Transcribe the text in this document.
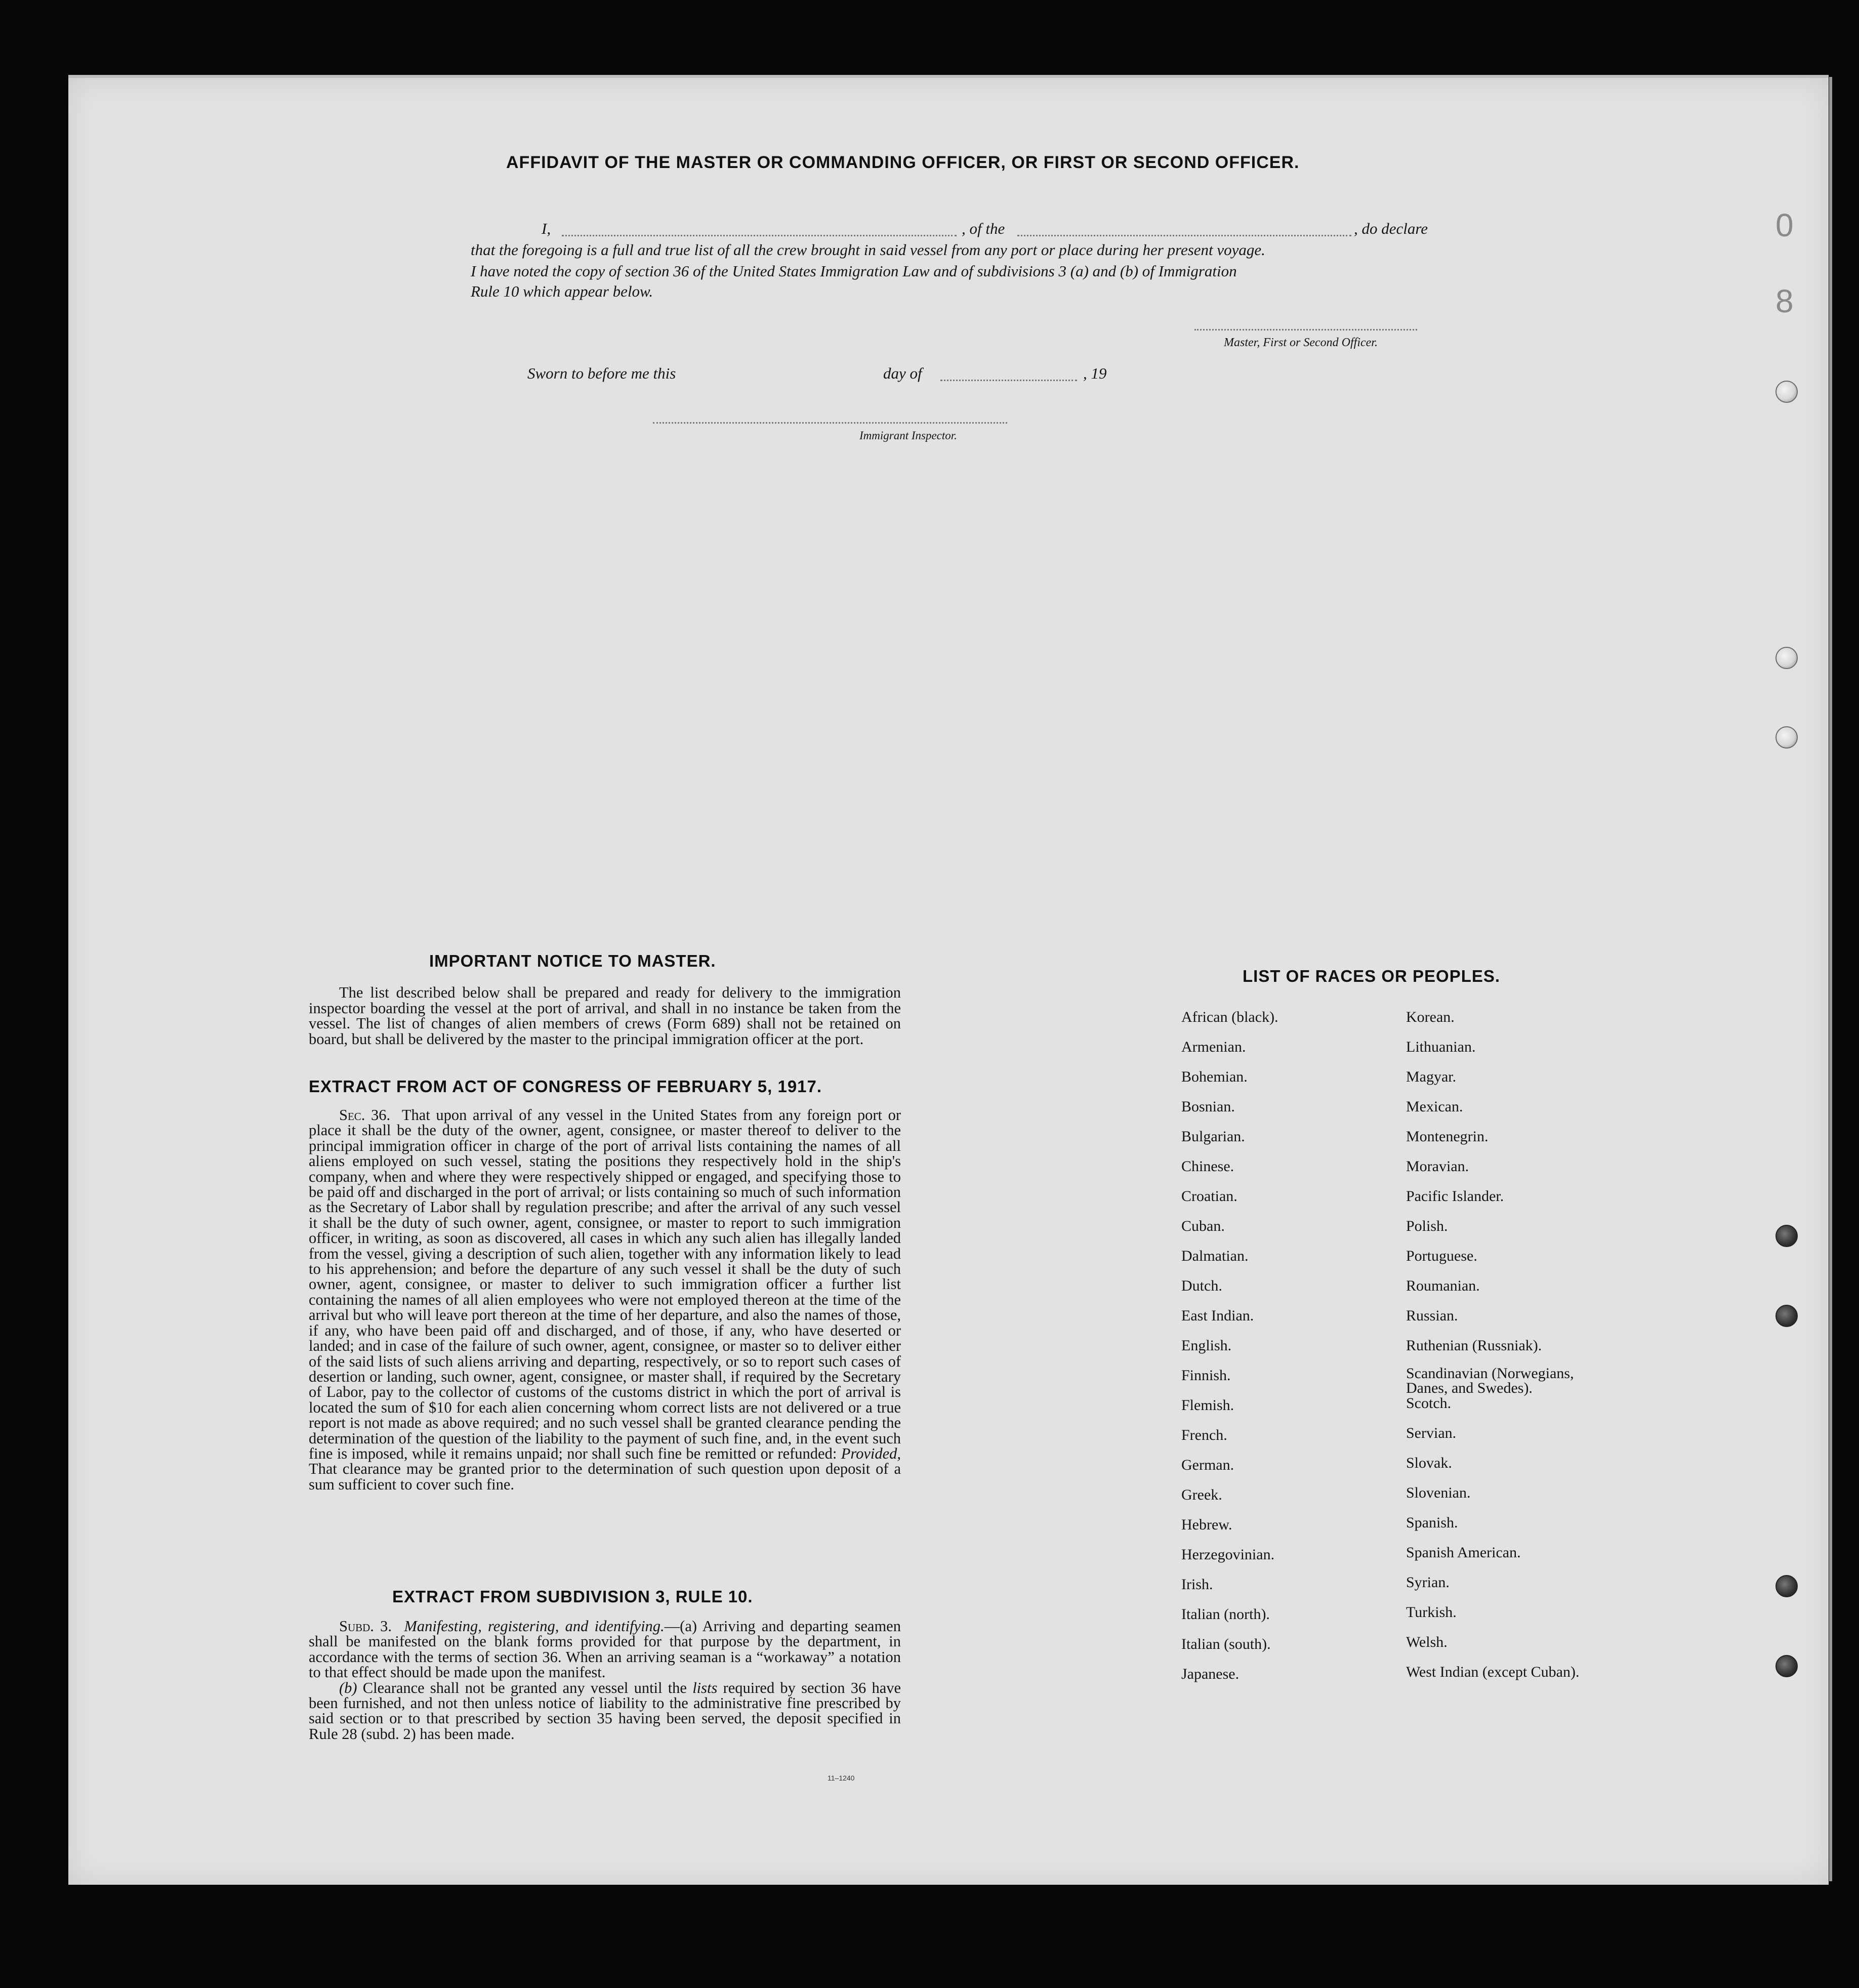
AFFIDAVIT OF THE MASTER OR COMMANDING OFFICER, OR FIRST OR SECOND OFFICER.
I,	, of the	, do declare
that the foregoing is a full and true list of all the crew brought in said vessel from any port or place during her present voyage.
I have noted the copy of section 36 of the United States Immigration Law and of subdivisions 3 (a) and (b) of Immigration
Rule 10 which appear below.
Master, First or Second Officer.
Sworn to before me this	day of	, 19
Immigrant Inspector.
IMPORTANT NOTICE TO MASTER.

The list described below shall be prepared and ready for delivery to the immigration inspector boarding the vessel at the port of arrival, and shall in no instance be taken from the vessel. The list of changes of alien members of crews (Form 689) shall not be retained on board, but shall be delivered by the master to the principal immigration officer at the port.

EXTRACT FROM ACT OF CONGRESS OF FEBRUARY 5, 1917.

Sec. 36. That upon arrival of any vessel in the United States from any foreign port or place it shall be the duty of the owner, agent, consignee, or master thereof to deliver to the principal immigration officer in charge of the port of arrival lists containing the names of all aliens employed on such vessel, stating the positions they respectively hold in the ship's company, when and where they were respectively shipped or engaged, and specifying those to be paid off and discharged in the port of arrival; or lists containing so much of such information as the Secretary of Labor shall by regulation prescribe; and after the arrival of any such vessel it shall be the duty of such owner, agent, consignee, or master to report to such immigration officer, in writing, as soon as discovered, all cases in which any such alien has illegally landed from the vessel, giving a description of such alien, together with any information likely to lead to his apprehension; and before the departure of any such vessel it shall be the duty of such owner, agent, consignee, or master to deliver to such immigration officer a further list containing the names of all alien employees who were not employed thereon at the time of the arrival but who will leave port thereon at the time of her departure, and also the names of those, if any, who have been paid off and discharged, and of those, if any, who have deserted or landed; and in case of the failure of such owner, agent, consignee, or master so to deliver either of the said lists of such aliens arriving and departing, respectively, or so to report such cases of desertion or landing, such owner, agent, consignee, or master shall, if required by the Secretary of Labor, pay to the collector of customs of the customs district in which the port of arrival is located the sum of $10 for each alien concerning whom correct lists are not delivered or a true report is not made as above required; and no such vessel shall be granted clearance pending the determination of the question of the liability to the payment of such fine, and, in the event such fine is imposed, while it remains unpaid; nor shall such fine be remitted or refunded: Provided, That clearance may be granted prior to the determination of such question upon deposit of a sum sufficient to cover such fine.

EXTRACT FROM SUBDIVISION 3, RULE 10.

Subd. 3. Manifesting, registering, and identifying.—(a) Arriving and departing seamen shall be manifested on the blank forms provided for that purpose by the department, in accordance with the terms of section 36. When an arriving seaman is a “workaway” a notation to that effect should be made upon the manifest.

(b) Clearance shall not be granted any vessel until the lists required by section 36 have been furnished, and not then unless notice of liability to the administrative fine prescribed by said section or to that prescribed by section 35 having been served, the deposit specified in Rule 28 (subd. 2) has been made.

11–1240
LIST OF RACES OR PEOPLES.
African (black).
Armenian.
Bohemian.
Bosnian.
Bulgarian.
Chinese.
Croatian.
Cuban.
Dalmatian.
Dutch.
East Indian.
English.
Finnish.
Flemish.
French.
German.
Greek.
Hebrew.
Herzegovinian.
Irish.
Italian (north).
Italian (south).
Japanese.
Korean.
Lithuanian.
Magyar.
Mexican.
Montenegrin.
Moravian.
Pacific Islander.
Polish.
Portuguese.
Roumanian.
Russian.
Ruthenian (Russniak).
Scandinavian (Norwegians, Danes, and Swedes).
Scotch.
Servian.
Slovak.
Slovenian.
Spanish.
Spanish American.
Syrian.
Turkish.
Welsh.
West Indian (except Cuban).
0
8
